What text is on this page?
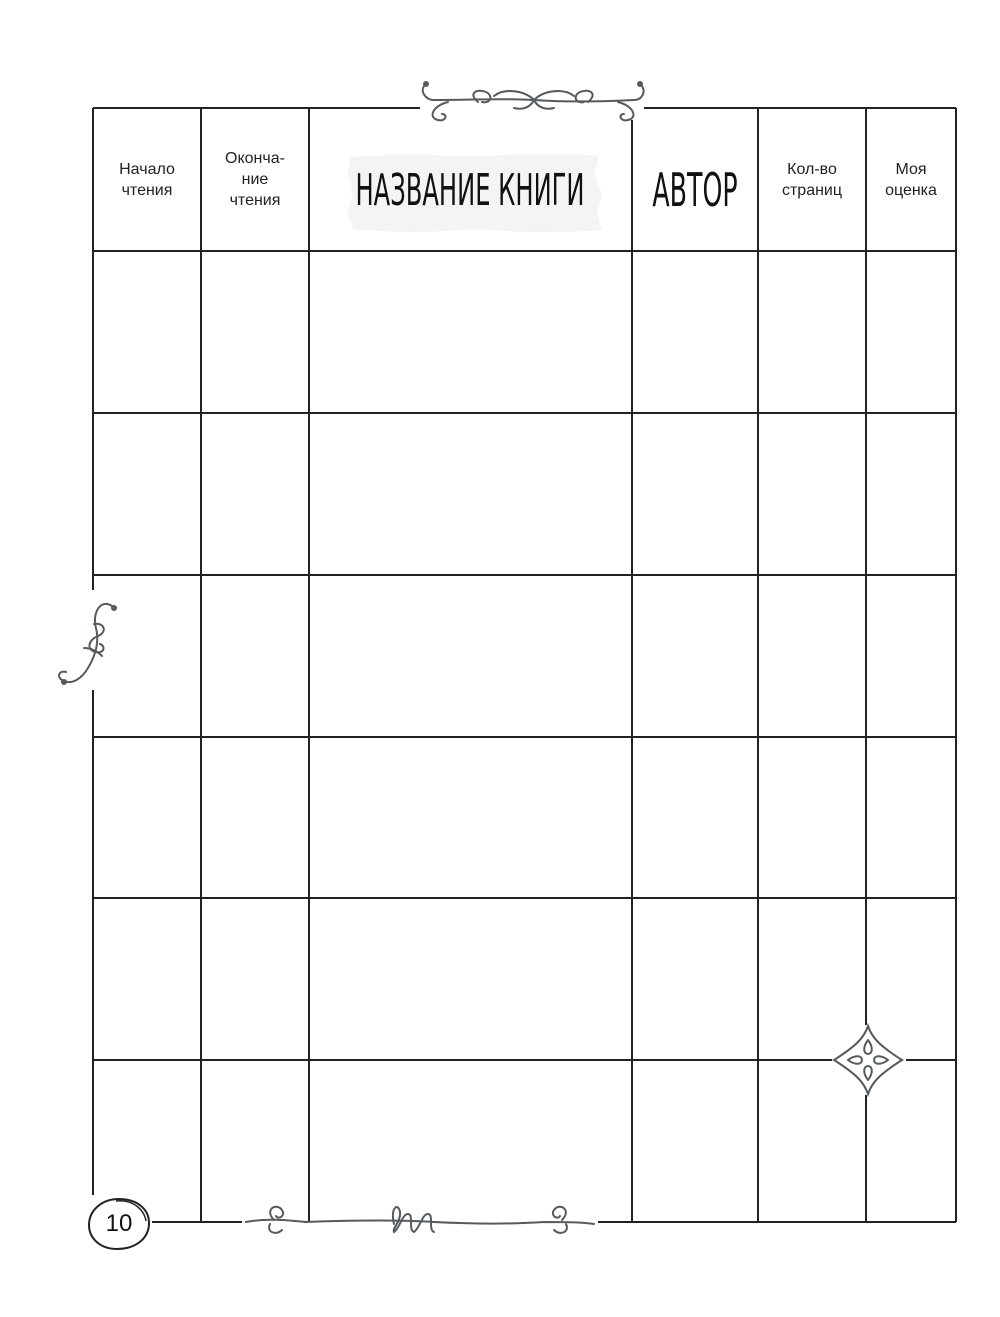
Начало
чтения
Оконча-
ние
чтения НАЗВАНИЕ КНИГИ АВТОР	Кол-во
страниц
Моя
оценка
10
